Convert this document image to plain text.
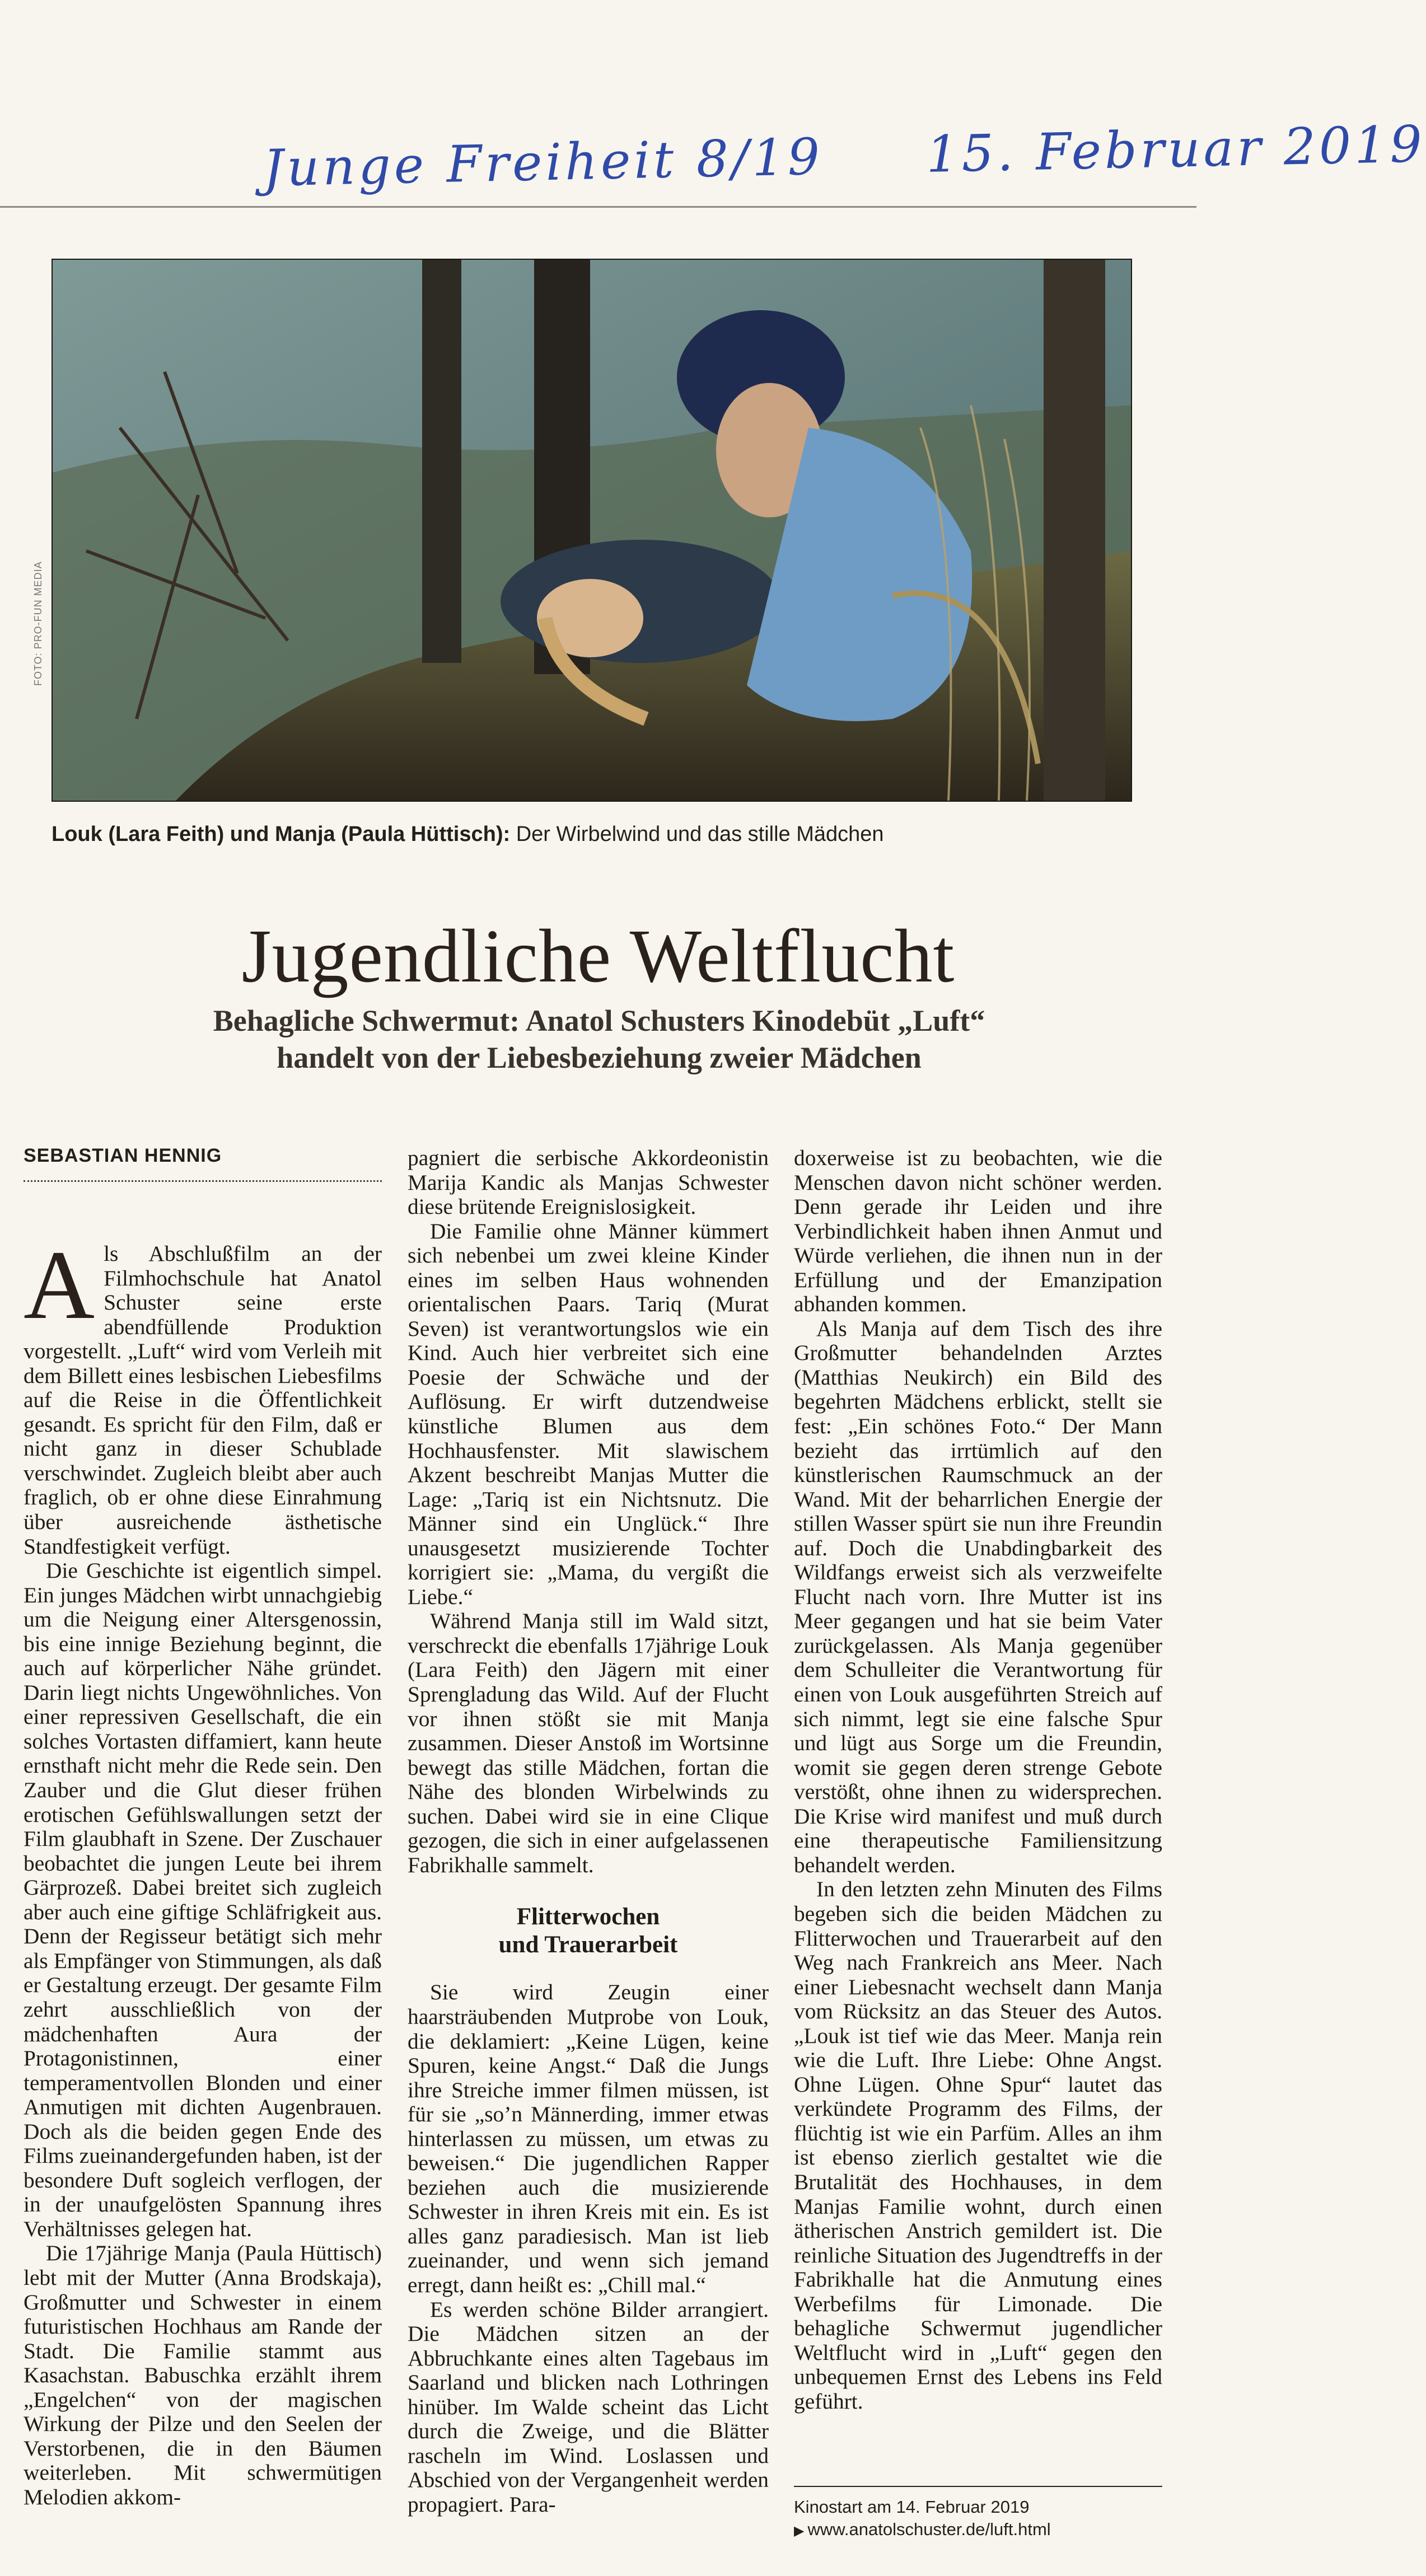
Junge Freiheit 8/19 15. Februar 2019
FOTO: PRO-FUN MEDIA
Louk (Lara Feith) und Manja (Paula Hüttisch): Der Wirbelwind und das stille Mädchen
Jugendliche Weltflucht
Behagliche Schwermut: Anatol Schusters Kinodebüt „Luft“
handelt von der Liebesbeziehung zweier Mädchen
SEBASTIAN HENNIG

Als Abschlußfilm an der Filmhochschule hat Anatol Schuster seine erste abendfüllende Produktion vorgestellt. „Luft“ wird vom Verleih mit dem Billett eines lesbischen Liebesfilms auf die Reise in die Öffentlichkeit gesandt. Es spricht für den Film, daß er nicht ganz in dieser Schublade verschwindet. Zugleich bleibt aber auch fraglich, ob er ohne diese Einrahmung über ausreichende ästhetische Standfestigkeit verfügt.

Die Geschichte ist eigentlich simpel. Ein junges Mädchen wirbt unnachgiebig um die Neigung einer Altersgenossin, bis eine innige Beziehung beginnt, die auch auf körperlicher Nähe gründet. Darin liegt nichts Ungewöhnliches. Von einer repressiven Gesellschaft, die ein solches Vortasten diffamiert, kann heute ernsthaft nicht mehr die Rede sein. Den Zauber und die Glut dieser frühen erotischen Gefühlswallungen setzt der Film glaubhaft in Szene. Der Zuschauer beobachtet die jungen Leute bei ihrem Gärprozeß. Dabei breitet sich zugleich aber auch eine giftige Schläfrigkeit aus. Denn der Regisseur betätigt sich mehr als Empfänger von Stimmungen, als daß er Gestaltung erzeugt. Der gesamte Film zehrt ausschließlich von der mädchenhaften Aura der Protagonistinnen, einer temperamentvollen Blonden und einer Anmutigen mit dichten Augenbrauen. Doch als die beiden gegen Ende des Films zueinandergefunden haben, ist der besondere Duft sogleich verflogen, der in der unaufgelösten Spannung ihres Verhältnisses gelegen hat.

Die 17jährige Manja (Paula Hüttisch) lebt mit der Mutter (Anna Brodskaja), Großmutter und Schwester in einem futuristischen Hochhaus am Rande der Stadt. Die Familie stammt aus Kasachstan. Babuschka erzählt ihrem „Engelchen“ von der magischen Wirkung der Pilze und den Seelen der Verstorbenen, die in den Bäumen weiterleben. Mit schwermütigen Melodien akkom-

pagniert die serbische Akkordeonistin Marija Kandic als Manjas Schwester diese brütende Ereignislosigkeit.

Die Familie ohne Männer kümmert sich nebenbei um zwei kleine Kinder eines im selben Haus wohnenden orientalischen Paars. Tariq (Murat Seven) ist verantwortungslos wie ein Kind. Auch hier verbreitet sich eine Poesie der Schwäche und der Auflösung. Er wirft dutzendweise künstliche Blumen aus dem Hochhausfenster. Mit slawischem Akzent beschreibt Manjas Mutter die Lage: „Tariq ist ein Nichtsnutz. Die Männer sind ein Unglück.“ Ihre unausgesetzt musizierende Tochter korrigiert sie: „Mama, du vergißt die Liebe.“

Während Manja still im Wald sitzt, verschreckt die ebenfalls 17jährige Louk (Lara Feith) den Jägern mit einer Sprengladung das Wild. Auf der Flucht vor ihnen stößt sie mit Manja zusammen. Dieser Anstoß im Wortsinne bewegt das stille Mädchen, fortan die Nähe des blonden Wirbelwinds zu suchen. Dabei wird sie in eine Clique gezogen, die sich in einer aufgelassenen Fabrikhalle sammelt.

Flitterwochen
und Trauerarbeit

Sie wird Zeugin einer haarsträubenden Mutprobe von Louk, die deklamiert: „Keine Lügen, keine Spuren, keine Angst.“ Daß die Jungs ihre Streiche immer filmen müssen, ist für sie „so’n Männerding, immer etwas hinterlassen zu müssen, um etwas zu beweisen.“ Die jugendlichen Rapper beziehen auch die musizierende Schwester in ihren Kreis mit ein. Es ist alles ganz paradiesisch. Man ist lieb zueinander, und wenn sich jemand erregt, dann heißt es: „Chill mal.“

Es werden schöne Bilder arrangiert. Die Mädchen sitzen an der Abbruchkante eines alten Tagebaus im Saarland und blicken nach Lothringen hinüber. Im Walde scheint das Licht durch die Zweige, und die Blätter rascheln im Wind. Loslassen und Abschied von der Vergangenheit werden propagiert. Para-

doxerweise ist zu beobachten, wie die Menschen davon nicht schöner werden. Denn gerade ihr Leiden und ihre Verbindlichkeit haben ihnen Anmut und Würde verliehen, die ihnen nun in der Erfüllung und der Emanzipation abhanden kommen.

Als Manja auf dem Tisch des ihre Großmutter behandelnden Arztes (Matthias Neukirch) ein Bild des begehrten Mädchens erblickt, stellt sie fest: „Ein schönes Foto.“ Der Mann bezieht das irrtümlich auf den künstlerischen Raumschmuck an der Wand. Mit der beharrlichen Energie der stillen Wasser spürt sie nun ihre Freundin auf. Doch die Unabdingbarkeit des Wildfangs erweist sich als verzweifelte Flucht nach vorn. Ihre Mutter ist ins Meer gegangen und hat sie beim Vater zurückgelassen. Als Manja gegenüber dem Schulleiter die Verantwortung für einen von Louk ausgeführten Streich auf sich nimmt, legt sie eine falsche Spur und lügt aus Sorge um die Freundin, womit sie gegen deren strenge Gebote verstößt, ohne ihnen zu widersprechen. Die Krise wird manifest und muß durch eine therapeutische Familiensitzung behandelt werden.

In den letzten zehn Minuten des Films begeben sich die beiden Mädchen zu Flitterwochen und Trauerarbeit auf den Weg nach Frankreich ans Meer. Nach einer Liebesnacht wechselt dann Manja vom Rücksitz an das Steuer des Autos. „Louk ist tief wie das Meer. Manja rein wie die Luft. Ihre Liebe: Ohne Angst. Ohne Lügen. Ohne Spur“ lautet das verkündete Programm des Films, der flüchtig ist wie ein Parfüm. Alles an ihm ist ebenso zierlich gestaltet wie die Brutalität des Hochhauses, in dem Manjas Familie wohnt, durch einen ätherischen Anstrich gemildert ist. Die reinliche Situation des Jugendtreffs in der Fabrikhalle hat die Anmutung eines Werbefilms für Limonade. Die behagliche Schwermut jugendlicher Weltflucht wird in „Luft“ gegen den unbequemen Ernst des Lebens ins Feld geführt.

Kinostart am 14. Februar 2019
▶ www.anatolschuster.de/luft.html
